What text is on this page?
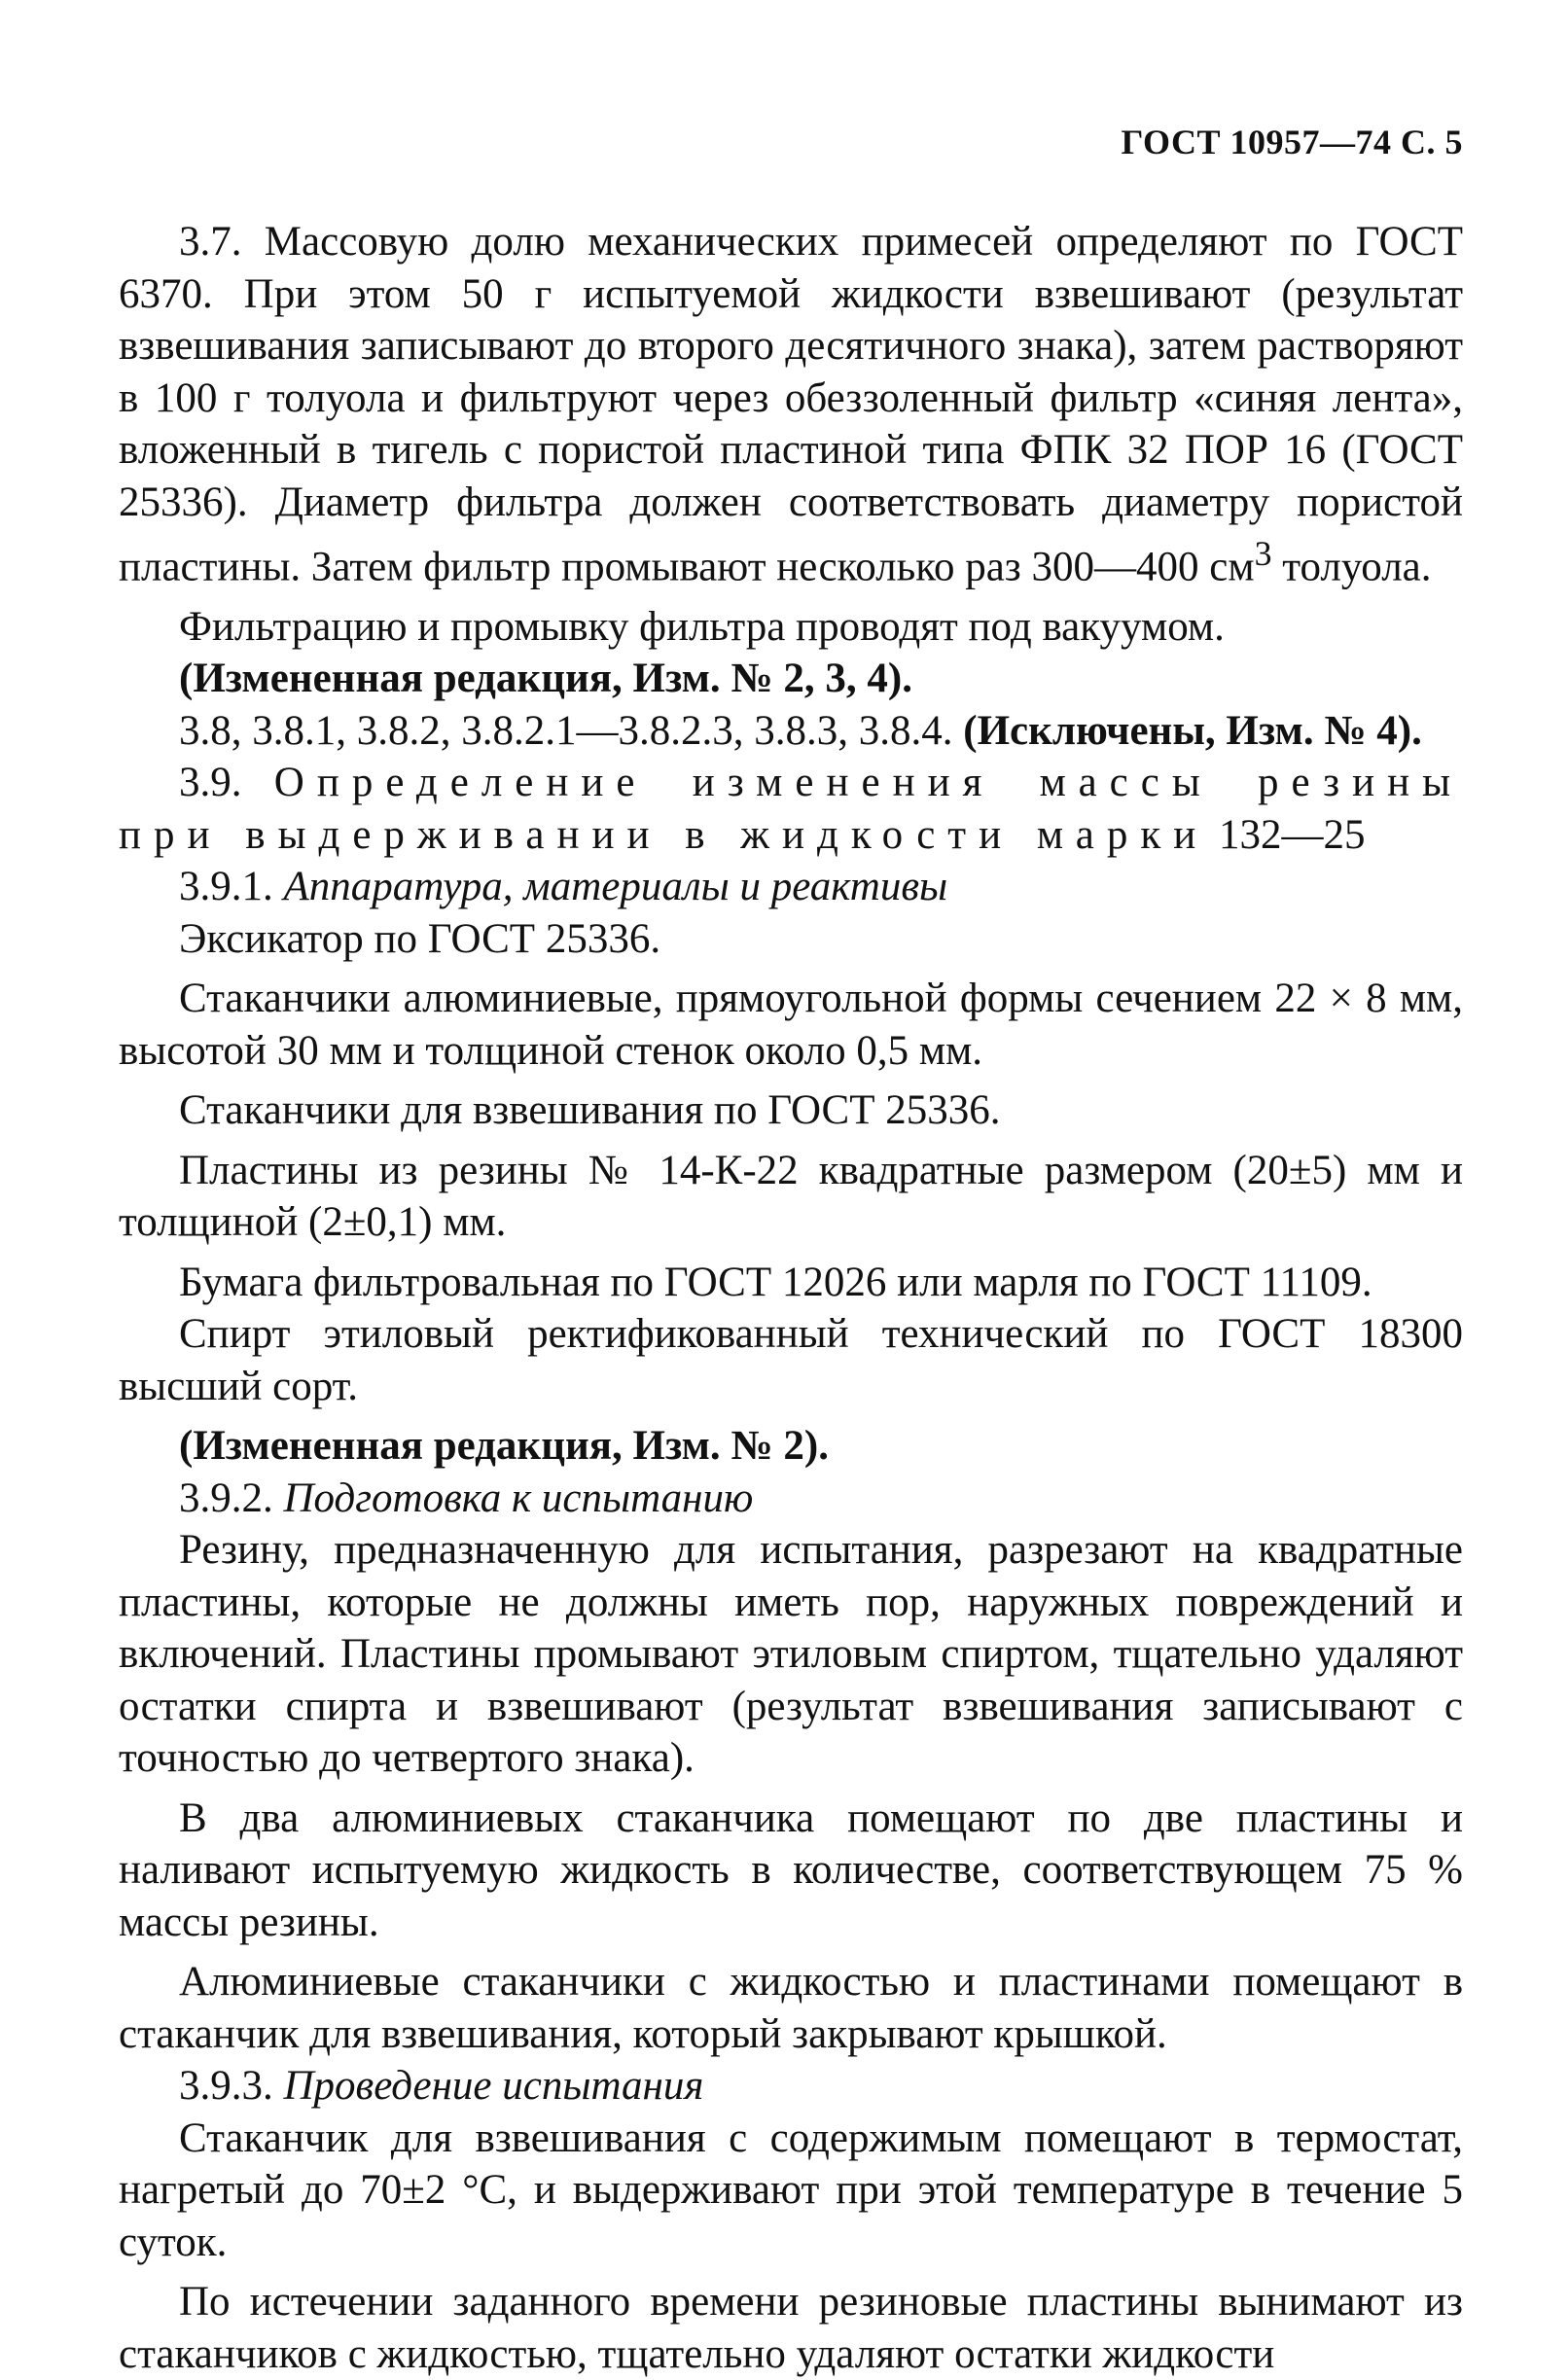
ГОСТ 10957—74 С. 5

3.7. Массовую долю механических примесей определяют по ГОСТ 6370. При этом 50 г испытуемой жидкости взвешивают (результат взвешивания записывают до второго десятичного знака), затем растворяют в 100 г толуола и фильтруют через обеззоленный фильтр «синяя лента», вложенный в тигель с пористой пластиной типа ФПК 32 ПОР 16 (ГОСТ 25336). Диаметр фильтра должен соответствовать диаметру пористой пластины. Затем фильтр промывают несколько раз 300—400 $см^3$ толуола.

Фильтрацию и промывку фильтра проводят под вакуумом.

(Измененная редакция, Изм. № 2, 3, 4).

3.8, 3.8.1, 3.8.2, 3.8.2.1—3.8.2.3, 3.8.3, 3.8.4. (Исключены, Изм. № 4).

3.9. Определение изменения массы резины при выдерживании в жидкости марки 132—25

3.9.1. Аппаратура, материалы и реактивы

Эксикатор по ГОСТ 25336.

Стаканчики алюминиевые, прямоугольной формы сечением 22 × 8 мм, высотой 30 мм и толщиной стенок около 0,5 мм.

Стаканчики для взвешивания по ГОСТ 25336.

Пластины из резины № 14-К-22 квадратные размером (20±5) мм и толщиной (2±0,1) мм.

Бумага фильтровальная по ГОСТ 12026 или марля по ГОСТ 11109.

Спирт этиловый ректификованный технический по ГОСТ 18300 высший сорт.

(Измененная редакция, Изм. № 2).

3.9.2. Подготовка к испытанию

Резину, предназначенную для испытания, разрезают на квадратные пластины, которые не должны иметь пор, наружных повреждений и включений. Пластины промывают этиловым спиртом, тщательно удаляют остатки спирта и взвешивают (результат взвешивания записывают с точностью до четвертого знака).

В два алюминиевых стаканчика помещают по две пластины и наливают испытуемую жидкость в количестве, соответствующем 75 % массы резины.

Алюминиевые стаканчики с жидкостью и пластинами помещают в стаканчик для взвешивания, который закрывают крышкой.

3.9.3. Проведение испытания

Стаканчик для взвешивания с содержимым помещают в термостат, нагретый до 70±2 °С, и выдерживают при этой температуре в течение 5 суток.

По истечении заданного времени резиновые пластины вынимают из стаканчиков с жидкостью, тщательно удаляют остатки жидкости
